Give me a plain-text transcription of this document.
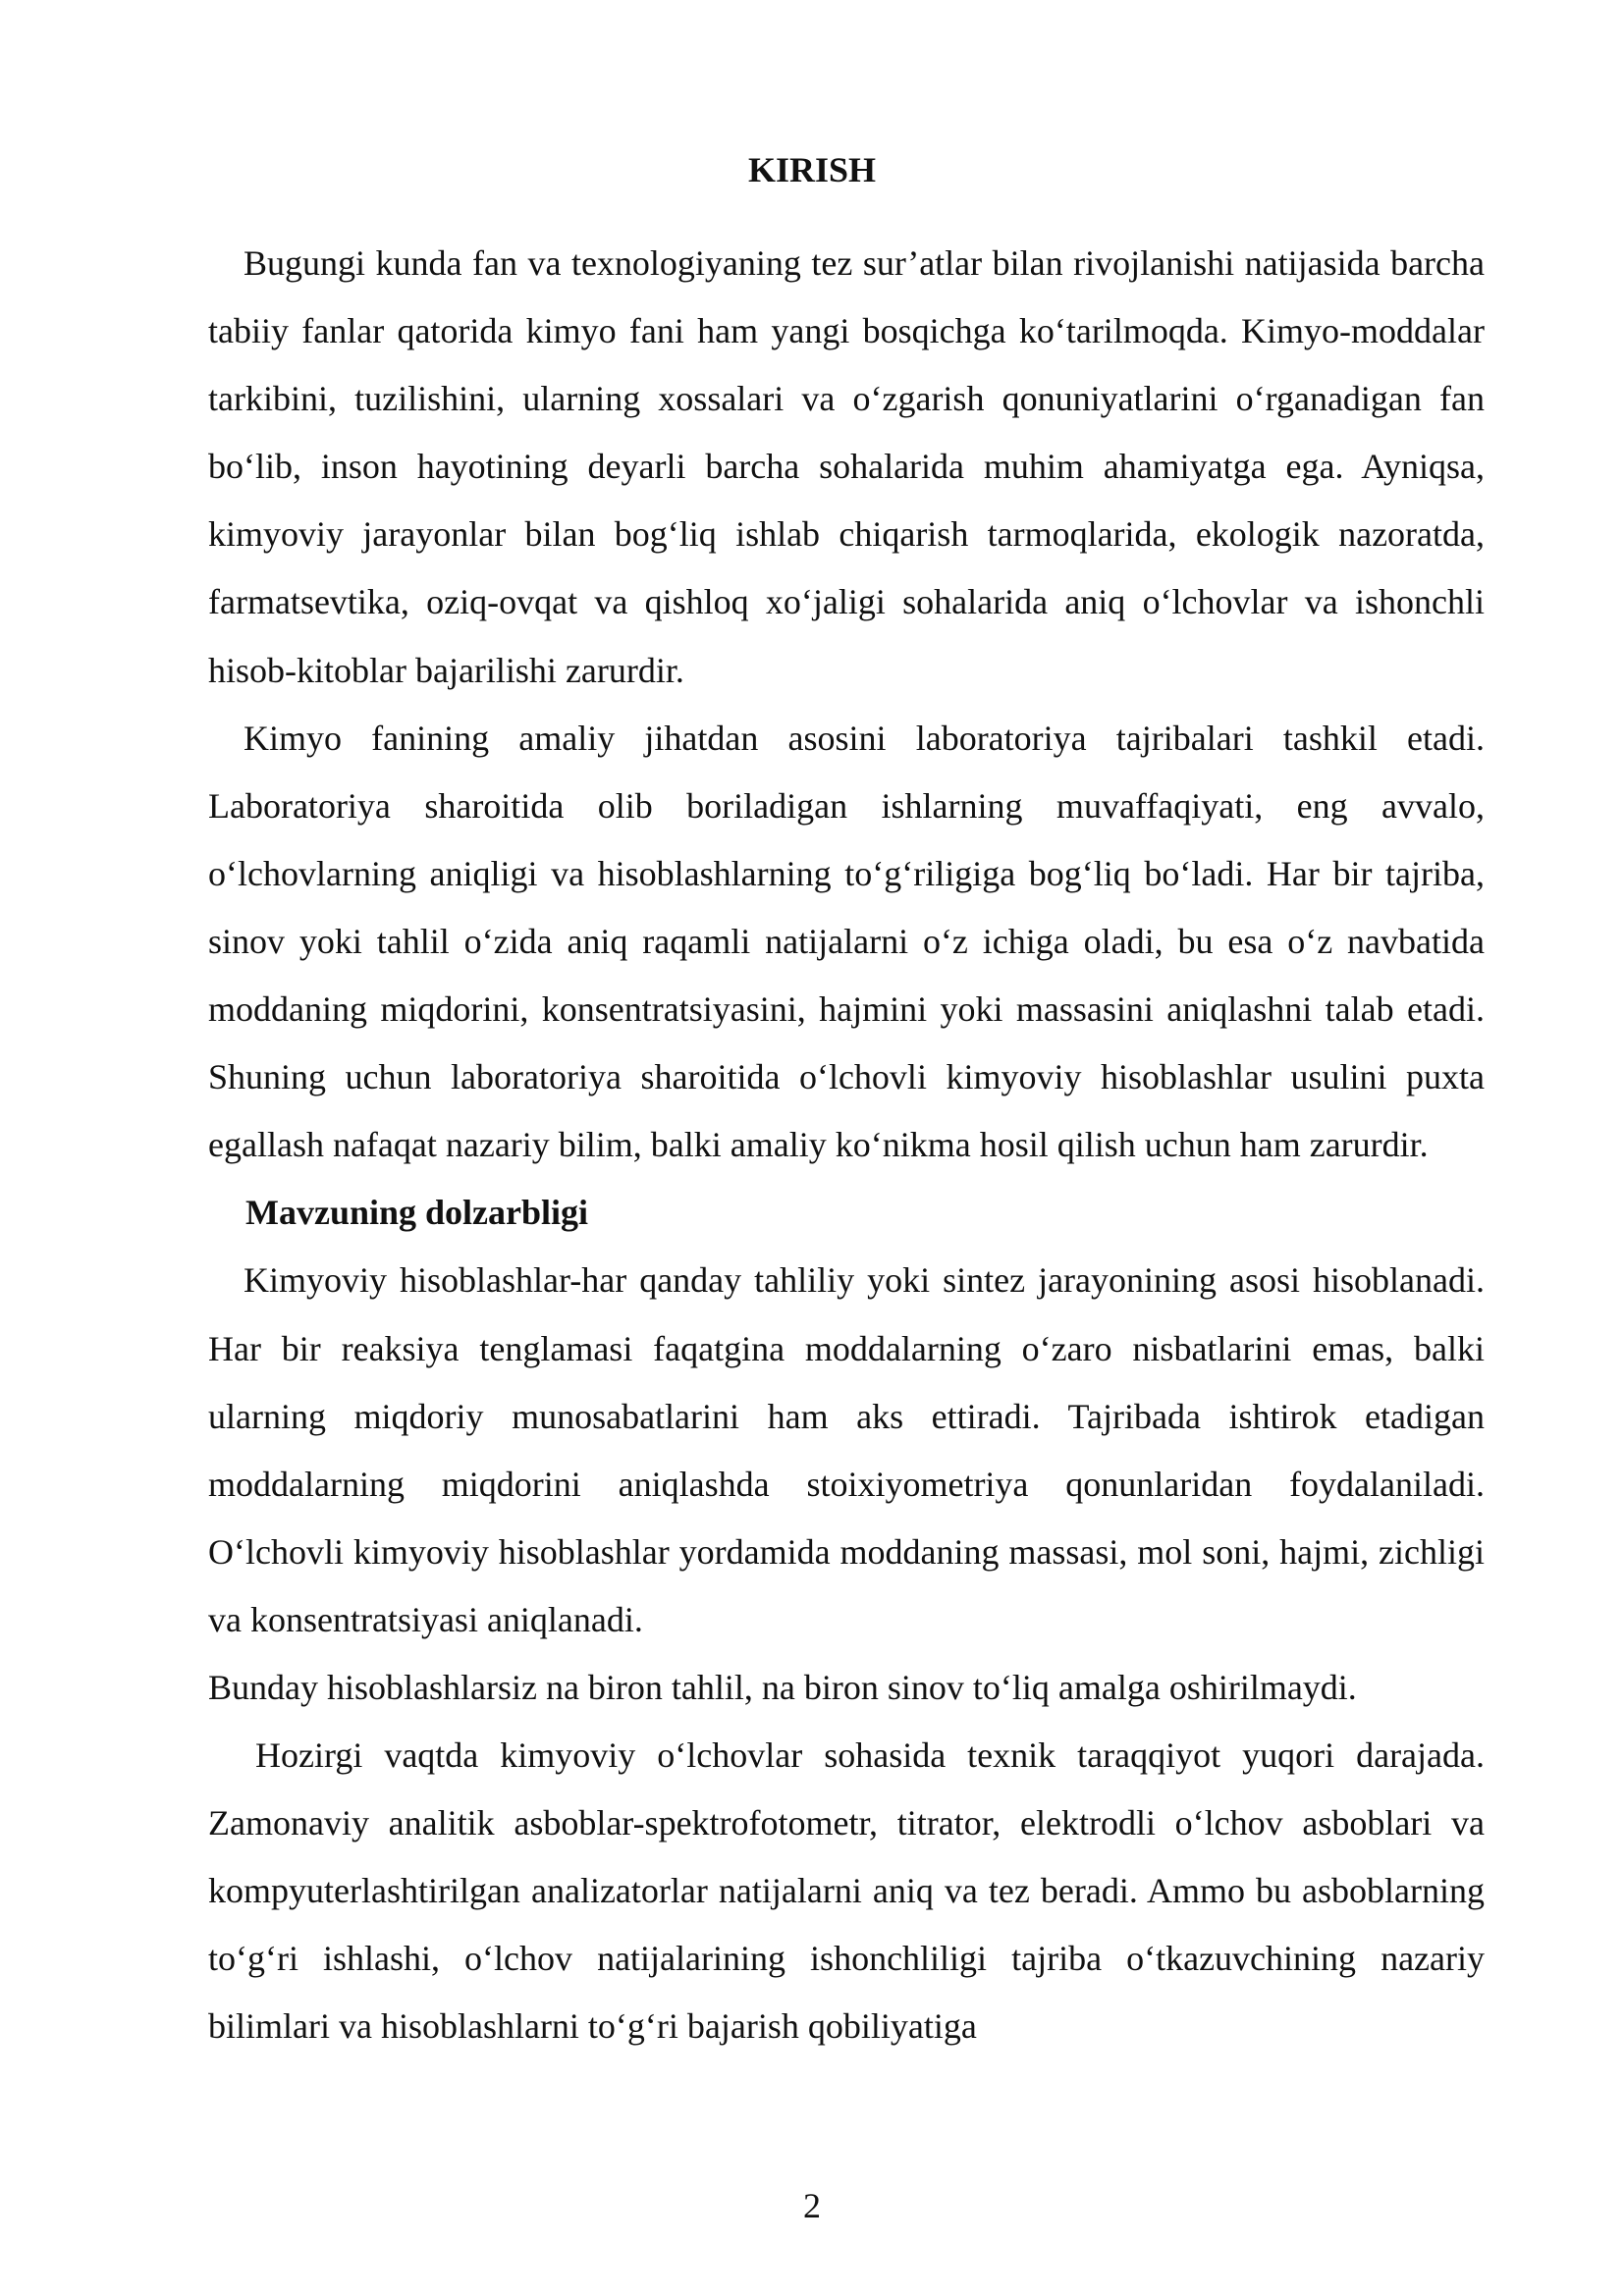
KIRISH

Bugungi kunda fan va texnologiyaning tez sur’atlar bilan rivojlanishi natijasida barcha tabiiy fanlar qatorida kimyo fani ham yangi bosqichga ko‘tarilmoqda. Kimyo-moddalar tarkibini, tuzilishini, ularning xossalari va o‘zgarish qonuniyatlarini o‘rganadigan fan bo‘lib, inson hayotining deyarli barcha sohalarida muhim ahamiyatga ega. Ayniqsa, kimyoviy jarayonlar bilan bog‘liq ishlab chiqarish tarmoqlarida, ekologik nazoratda, farmatsevtika, oziq-ovqat va qishloq xo‘jaligi sohalarida aniq o‘lchovlar va ishonchli hisob-kitoblar bajarilishi zarurdir.

Kimyo fanining amaliy jihatdan asosini laboratoriya tajribalari tashkil etadi. Laboratoriya sharoitida olib boriladigan ishlarning muvaffaqiyati, eng avvalo, o‘lchovlarning aniqligi va hisoblashlarning to‘g‘riligiga bog‘liq bo‘ladi. Har bir tajriba, sinov yoki tahlil o‘zida aniq raqamli natijalarni o‘z ichiga oladi, bu esa o‘z navbatida moddaning miqdorini, konsentratsiyasini, hajmini yoki massasini aniqlashni talab etadi. Shuning uchun laboratoriya sharoitida o‘lchovli kimyoviy hisoblashlar usulini puxta egallash nafaqat nazariy bilim, balki amaliy ko‘nikma hosil qilish uchun ham zarurdir.

Mavzuning dolzarbligi

Kimyoviy hisoblashlar-har qanday tahliliy yoki sintez jarayonining asosi hisoblanadi. Har bir reaksiya tenglamasi faqatgina moddalarning o‘zaro nisbatlarini emas, balki ularning miqdoriy munosabatlarini ham aks ettiradi. Tajribada ishtirok etadigan moddalarning miqdorini aniqlashda stoixiyometriya qonunlaridan foydalaniladi. O‘lchovli kimyoviy hisoblashlar yordamida moddaning massasi, mol soni, hajmi, zichligi va konsentratsiyasi aniqlanadi.

Bunday hisoblashlarsiz na biron tahlil, na biron sinov to‘liq amalga oshirilmaydi.

Hozirgi vaqtda kimyoviy o‘lchovlar sohasida texnik taraqqiyot yuqori darajada. Zamonaviy analitik asboblar-spektrofotometr, titrator, elektrodli o‘lchov asboblari va kompyuterlashtirilgan analizatorlar natijalarni aniq va tez beradi. Ammo bu asboblarning to‘g‘ri ishlashi, o‘lchov natijalarining ishonchliligi tajriba o‘tkazuvchining nazariy bilimlari va hisoblashlarni to‘g‘ri bajarish qobiliyatiga

2
